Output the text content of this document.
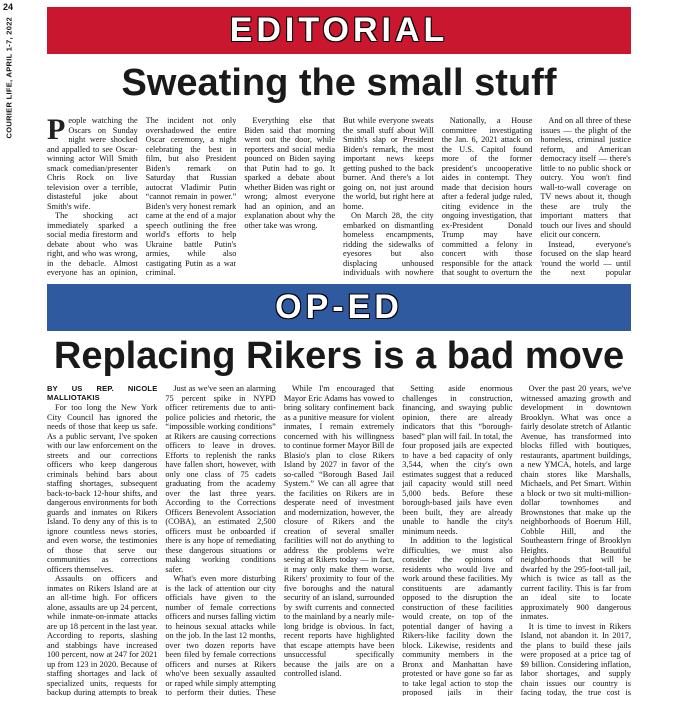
24
COURIER LIFE, APRIL 1-7, 2022	EDITORIAL
Sweating the small stuff

People watching the Oscars on Sunday night were shocked and appalled to see Oscar-winning actor Will Smith smack comedian/presenter Chris Rock on live television over a terrible, distasteful joke about Smith's wife.

The shocking act immediately sparked a social media firestorm and debate about who was right, and who was wrong, in the debacle. Almost everyone has an opinion,

The incident not only overshadowed the entire Oscar ceremony, a night celebrating the best in film, but also President Biden's remark on Saturday that Russian autocrat Vladimir Putin “cannot remain in power.” Biden's very honest remark came at the end of a major speech outlining the free world's efforts to help Ukraine battle Putin's armies, while also castigating Putin as a war criminal.

Everything else that Biden said that morning went out the door, while reporters and social media pounced on Biden saying that Putin had to go. It sparked a debate about whether Biden was right or wrong; almost everyone had an opinion, and an explanation about why the other take was wrong.

But while everyone sweats the small stuff about Will Smith's slap or President Biden's remark, the most important news keeps getting pushed to the back burner. And there's a lot going on, not just around the world, but right here at home.

On March 28, the city embarked on dismantling homeless encampments, ridding the sidewalks of eyesores but also displacing unhoused individuals with nowhere

Nationally, a House committee investigating the Jan. 6, 2021 attack on the U.S. Capitol found more of the former president's uncooperative aides in contempt. They made that decision hours after a federal judge ruled, citing evidence in the ongoing investigation, that ex-President Donald Trump may have committed a felony in concert with those responsible for the attack that sought to overturn the

And on all three of these issues — the plight of the homeless, criminal justice reform, and American democracy itself — there's little to no public shock or outcry. You won't find wall-to-wall coverage on TV news about it, though these are truly the important matters that touch our lives and should elicit our concern.

Instead, everyone's focused on the slap heard 'round the world — until the next popular

OP-ED
Replacing Rikers is a bad move
BY US REP. NICOLE MALLIOTAKIS

For too long the New York City Council has ignored the needs of those that keep us safe. As a public servant, I've spoken with our law enforcement on the streets and our corrections officers who keep dangerous criminals behind bars about staffing shortages, subsequent back-to-back 12-hour shifts, and dangerous environments for both guards and inmates on Rikers Island. To deny any of this is to ignore countless news stories, and even worse, the testimonies of those that serve our communities as corrections officers themselves.

Assaults on officers and inmates on Rikers Island are at an all-time high. For officers alone, assaults are up 24 percent, while inmate-on-inmate attacks are up 18 percent in the last year. According to reports, slashing and stabbings have increased 100 percent, now at 247 for 2021 up from 123 in 2020. Because of staffing shortages and lack of specialized units, requests for backup during attempts to break

Just as we've seen an alarming 75 percent spike in NYPD officer retirements due to anti-police policies and rhetoric, the “impossible working conditions” at Rikers are causing corrections officers to leave in droves. Efforts to replenish the ranks have fallen short, however, with only one class of 75 cadets graduating from the academy over the last three years. According to the Corrections Officers Benevolent Association (COBA), an estimated 2,500 officers must be onboarded if there is any hope of remediating these dangerous situations or making working conditions safer.

What's even more disturbing is the lack of attention our city officials have given to the number of female corrections officers and nurses falling victim to heinous sexual attacks while on the job. In the last 12 months, over two dozen reports have been filed by female corrections officers and nurses at Rikers who've been sexually assaulted or raped while simply attempting to perform their duties. These

While I'm encouraged that Mayor Eric Adams has vowed to bring solitary confinement back as a punitive measure for violent inmates, I remain extremely concerned with his willingness to continue former Mayor Bill de Blasio's plan to close Rikers Island by 2027 in favor of the so-called “Borough Based Jail System.” We can all agree that the facilities on Rikers are in desperate need of investment and modernization, however, the closure of Rikers and the creation of several smaller facilities will not do anything to address the problems we're seeing at Rikers today — in fact, it may only make them worse. Rikers' proximity to four of the five boroughs and the natural security of an island, surrounded by swift currents and connected to the mainland by a nearly mile-long bridge is obvious. In fact, recent reports have highlighted that escape attempts have been unsuccessful specifically because the jails are on a controlled island.

Setting aside enormous challenges in construction, financing, and swaying public opinion, there are already indicators that this “borough-based” plan will fail. In total, the four proposed jails are expected to have a bed capacity of only 3,544, when the city's own estimates suggest that a reduced jail capacity would still need 5,000 beds. Before these borough-based jails have even been built, they are already unable to handle the city's minimum needs.

In addition to the logistical difficulties, we must also consider the opinions of residents who would live and work around these facilities. My constituents are adamantly opposed to the disruption the construction of these facilities would create, on top of the potential danger of having a Rikers-like facility down the block. Likewise, residents and community members in the Bronx and Manhattan have protested or have gone so far as to take legal action to stop the proposed jails in their

Over the past 20 years, we've witnessed amazing growth and development in downtown Brooklyn. What was once a fairly desolate stretch of Atlantic Avenue, has transformed into blocks filled with boutiques, restaurants, apartment buildings, a new YMCA, hotels, and large chain stores like Marshalls, Michaels, and Pet Smart. Within a block or two sit multi-million-dollar townhomes and Brownstones that make up the neighborhoods of Boerum Hill, Cobble Hill, and the Southeastern fringe of Brooklyn Heights. Beautiful neighborhoods that will be dwarfed by the 295-foot-tall jail, which is twice as tall as the current facility. This is far from an ideal site to locate approximately 900 dangerous inmates.

It is time to invest in Rikers Island, not abandon it. In 2017, the plans to build these jails were proposed at a price tag of $9 billion. Considering inflation, labor shortages, and supply chain issues our country is facing today, the true cost is
